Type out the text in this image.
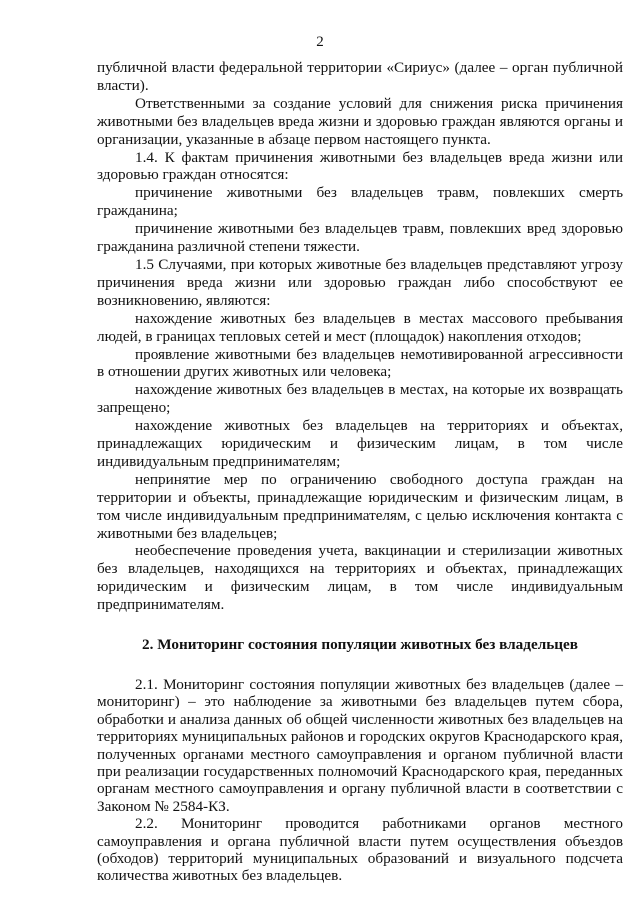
2

публичной власти федеральной территории «Сириус» (далее – орган публичной власти).

Ответственными за создание условий для снижения риска причинения животными без владельцев вреда жизни и здоровью граждан являются органы и организации, указанные в абзаце первом настоящего пункта.

1.4. К фактам причинения животными без владельцев вреда жизни или здоровью граждан относятся:

причинение животными без владельцев травм, повлекших смерть гражданина;

причинение животными без владельцев травм, повлекших вред здоровью гражданина различной степени тяжести.

1.5 Случаями, при которых животные без владельцев представляют угрозу причинения вреда жизни или здоровью граждан либо способствуют ее возникновению, являются:

нахождение животных без владельцев в местах массового пребывания людей, в границах тепловых сетей и мест (площадок) накопления отходов;

проявление животными без владельцев немотивированной агрессивности в отношении других животных или человека;

нахождение животных без владельцев в местах, на которые их возвращать запрещено;

нахождение животных без владельцев на территориях и объектах, принадлежащих юридическим и физическим лицам, в том числе индивидуальным предпринимателям;

непринятие мер по ограничению свободного доступа граждан на территории и объекты, принадлежащие юридическим и физическим лицам, в том числе индивидуальным предпринимателям, с целью исключения контакта с животными без владельцев;

необеспечение проведения учета, вакцинации и стерилизации животных без владельцев, находящихся на территориях и объектах, принадлежащих юридическим и физическим лицам, в том числе индивидуальным предпринимателям.

2. Мониторинг состояния популяции животных без владельцев

2.1. Мониторинг состояния популяции животных без владельцев (далее – мониторинг) – это наблюдение за животными без владельцев путем сбора, обработки и анализа данных об общей численности животных без владельцев на территориях муниципальных районов и городских округов Краснодарского края, полученных органами местного самоуправления и органом публичной власти при реализации государственных полномочий Краснодарского края, переданных органам местного самоуправления и органу публичной власти в соответствии с Законом № 2584-КЗ.

2.2. Мониторинг проводится работниками органов местного самоуправления и органа публичной власти путем осуществления объездов (обходов) территорий муниципальных образований и визуального подсчета количества животных без владельцев.
